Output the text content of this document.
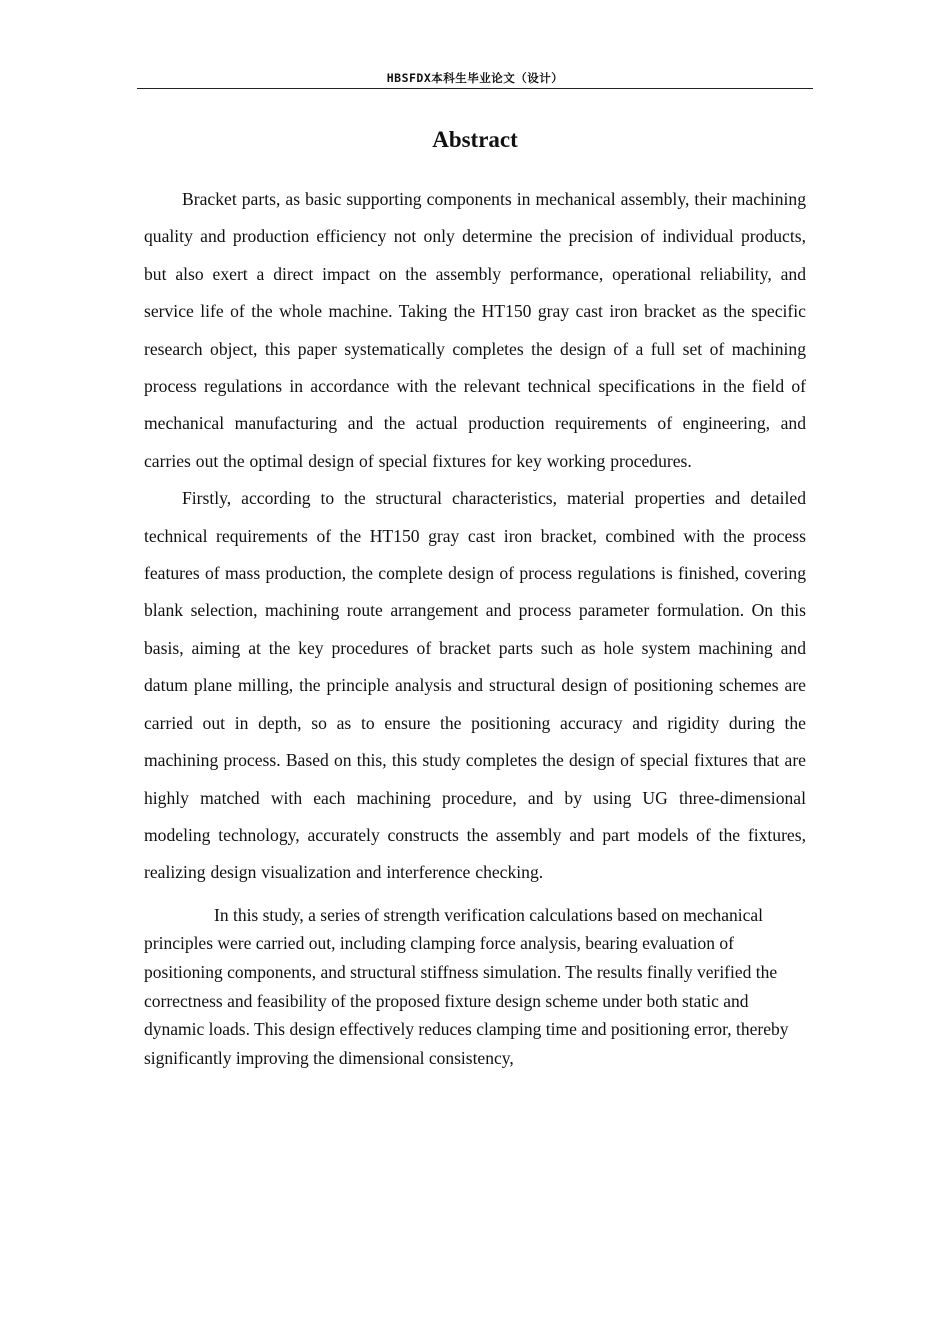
HBSFDX本科生毕业论文（设计）
Abstract

Bracket parts, as basic supporting components in mechanical assembly, their machining quality and production efficiency not only determine the precision of individual products, but also exert a direct impact on the assembly performance, operational reliability, and service life of the whole machine. Taking the HT150 gray cast iron bracket as the specific research object, this paper systematically completes the design of a full set of machining process regulations in accordance with the relevant technical specifications in the field of mechanical manufacturing and the actual production requirements of engineering, and carries out the optimal design of special fixtures for key working procedures.

Firstly, according to the structural characteristics, material properties and detailed technical requirements of the HT150 gray cast iron bracket, combined with the process features of mass production, the complete design of process regulations is finished, covering blank selection, machining route arrangement and process parameter formulation. On this basis, aiming at the key procedures of bracket parts such as hole system machining and datum plane milling, the principle analysis and structural design of positioning schemes are carried out in depth, so as to ensure the positioning accuracy and rigidity during the machining process. Based on this, this study completes the design of special fixtures that are highly matched with each machining procedure, and by using UG three-dimensional modeling technology, accurately constructs the assembly and part models of the fixtures, realizing design visualization and interference checking.

In this study, a series of strength verification calculations based on mechanical principles were carried out, including clamping force analysis, bearing evaluation of positioning components, and structural stiffness simulation. The results finally verified the correctness and feasibility of the proposed fixture design scheme under both static and dynamic loads. This design effectively reduces clamping time and positioning error, thereby significantly improving the dimensional consistency,
